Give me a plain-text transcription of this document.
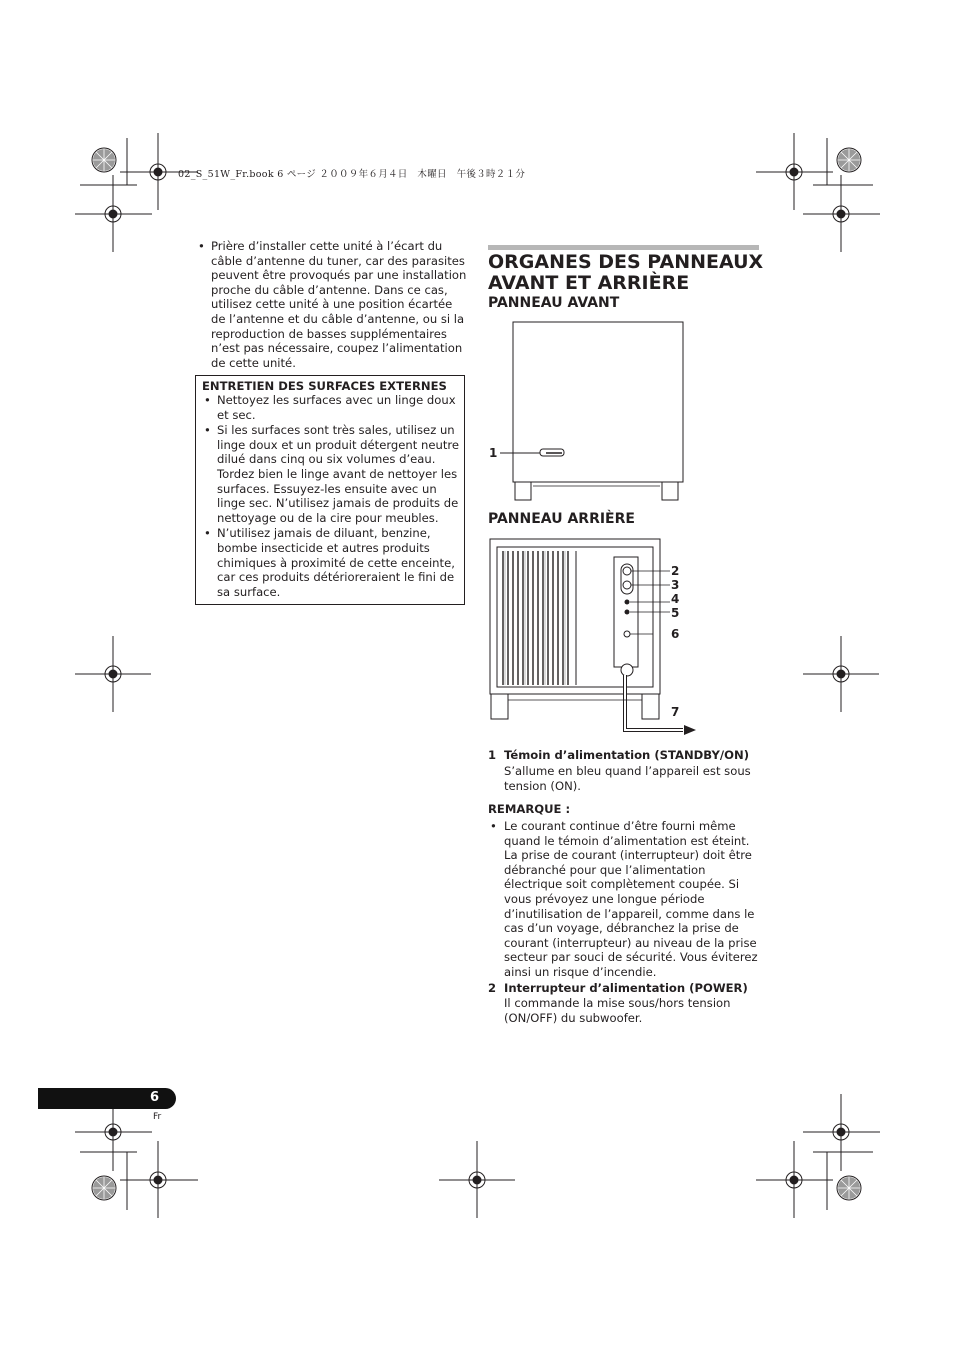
02_S_51W_Fr.book 6 ページ ２００９年６月４日　木曜日　午後３時２１分
• Prière d’installer cette unité à l’écart du câble d’antenne du tuner, car des parasites peuvent être provoqués par une installation proche du câble d’antenne. Dans ce cas, utilisez cette unité à une position écartée de l’antenne et du câble d’antenne, ou si la reproduction de basses supplémentaires n’est pas nécessaire, coupez l’alimentation de cette unité.
ENTRETIEN DES SURFACES EXTERNES
• Nettoyez les surfaces avec un linge doux et sec.
• Si les surfaces sont très sales, utilisez un linge doux et un produit détergent neutre dilué dans cinq ou six volumes d’eau. Tordez bien le linge avant de nettoyer les surfaces. Essuyez-les ensuite avec un linge sec. N’utilisez jamais de produits de nettoyage ou de la cire pour meubles.
• N’utilisez jamais de diluant, benzine, bombe insecticide et autres produits chimiques à proximité de cette enceinte, car ces produits détérioreraient le fini de sa surface.
ORGANES DES PANNEAUX AVANT ET ARRIÈRE
PANNEAU AVANT
1
PANNEAU ARRIÈRE
2
3
4
5
6
7
1 Témoin d’alimentation (STANDBY/ON)
S’allume en bleu quand l’appareil est sous tension (ON).
REMARQUE :
• Le courant continue d’être fourni même quand le témoin d’alimentation est éteint. La prise de courant (interrupteur) doit être débranché pour que l’alimentation électrique soit complètement coupée. Si vous prévoyez une longue période d’inutilisation de l’appareil, comme dans le cas d’un voyage, débranchez la prise de courant (interrupteur) au niveau de la prise secteur par souci de sécurité. Vous éviterez ainsi un risque d’incendie.
2 Interrupteur d’alimentation (POWER)
Il commande la mise sous/hors tension (ON/OFF) du subwoofer.
6
Fr
